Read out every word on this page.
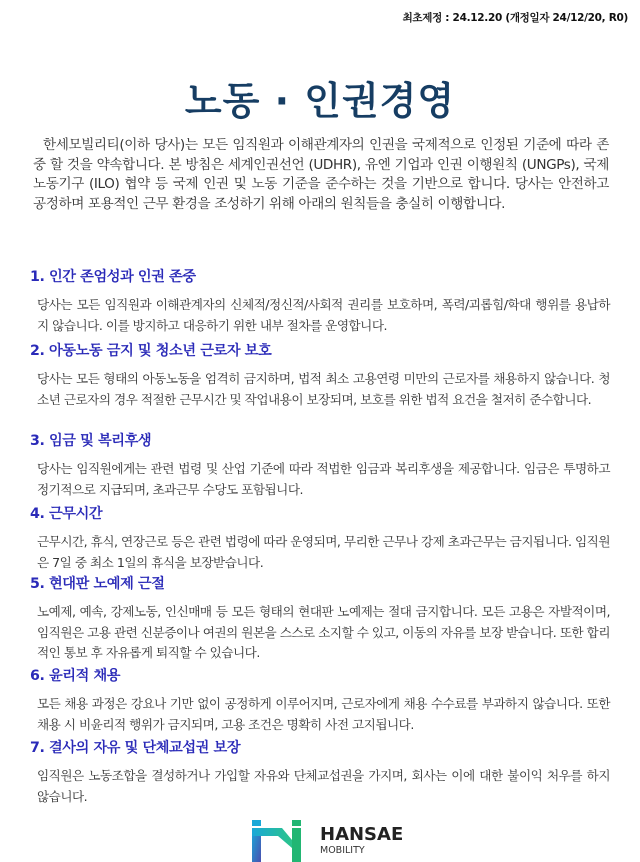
최초제정 : 24.12.20 (개정일자 24/12/20, R0)
노동 · 인권경영
한세모빌리티(이하 당사)는 모든 임직원과 이해관계자의 인권을 국제적으로 인정된 기준에 따라 존중 할 것을 약속합니다. 본 방침은 세계인권선언 (UDHR), 유엔 기업과 인권 이행원칙 (UNGPs), 국제노동기구 (ILO) 협약 등 국제 인권 및 노동 기준을 준수하는 것을 기반으로 합니다. 당사는 안전하고 공정하며 포용적인 근무 환경을 조성하기 위해 아래의 원칙들을 충실히 이행합니다.
1. 인간 존엄성과 인권 존중

당사는 모든 임직원과 이해관계자의 신체적/정신적/사회적 권리를 보호하며, 폭력/괴롭힘/학대 행위를 용납하지 않습니다. 이를 방지하고 대응하기 위한 내부 절차를 운영합니다.

2. 아동노동 금지 및 청소년 근로자 보호

당사는 모든 형태의 아동노동을 엄격히 금지하며, 법적 최소 고용연령 미만의 근로자를 채용하지 않습니다. 청소년 근로자의 경우 적절한 근무시간 및 작업내용이 보장되며, 보호를 위한 법적 요건을 철저히 준수합니다.

3. 임금 및 복리후생

당사는 임직원에게는 관련 법령 및 산업 기준에 따라 적법한 임금과 복리후생을 제공합니다. 임금은 투명하고 정기적으로 지급되며, 초과근무 수당도 포함됩니다.

4. 근무시간

근무시간, 휴식, 연장근로 등은 관련 법령에 따라 운영되며, 무리한 근무나 강제 초과근무는 금지됩니다. 임직원은 7일 중 최소 1일의 휴식을 보장받습니다.

5. 현대판 노예제 근절

노예제, 예속, 강제노동, 인신매매 등 모든 형태의 현대판 노예제는 절대 금지합니다. 모든 고용은 자발적이며, 임직원은 고용 관련 신분증이나 여권의 원본을 스스로 소지할 수 있고, 이동의 자유를 보장 받습니다. 또한 합리적인 통보 후 자유롭게 퇴직할 수 있습니다.

6. 윤리적 채용

모든 채용 과정은 강요나 기만 없이 공정하게 이루어지며, 근로자에게 채용 수수료를 부과하지 않습니다. 또한 채용 시 비윤리적 행위가 금지되며, 고용 조건은 명확히 사전 고지됩니다.

7. 결사의 자유 및 단체교섭권 보장

임직원은 노동조합을 결성하거나 가입할 자유와 단체교섭권을 가지며, 회사는 이에 대한 불이익 처우를 하지 않습니다.

HANSAE
MOBILITY
